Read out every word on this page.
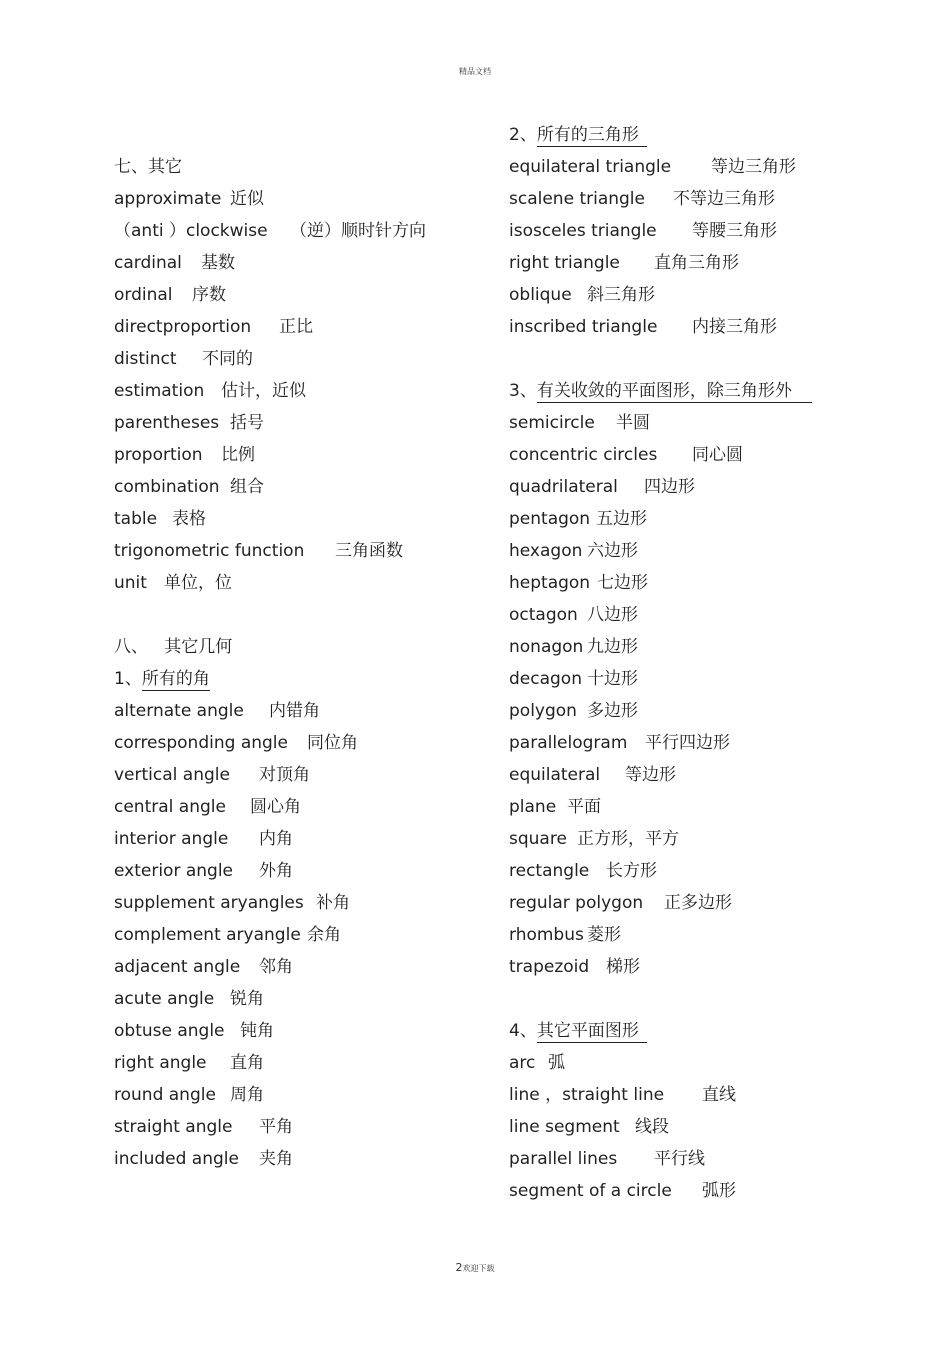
精品文档
七、其它
approximate 近似
（anti ）clockwise （逆）顺时针方向
cardinal 基数
ordinal 序数
directproportion 正比
distinct 不同的
estimation 估计，近似
parentheses 括号
proportion 比例
combination 组合
table 表格
trigonometric function 三角函数
unit 单位，位
八、   其它几何
1、所有的角
alternate angle 内错角
corresponding angle 同位角
vertical angle 对顶角
central angle 圆心角
interior angle 内角
exterior angle 外角
supplement aryangles 补角
complement aryangle 余角
adjacent angle 邻角
acute angle 锐角
obtuse angle 钝角
right angle 直角
round angle 周角
straight angle 平角
included angle 夹角
2、所有的三角形
equilateral triangle 等边三角形
scalene triangle 不等边三角形
isosceles triangle 等腰三角形
right triangle 直角三角形
oblique 斜三角形
inscribed triangle 内接三角形
3、有关收敛的平面图形，除三角形外
semicircle 半圆
concentric circles 同心圆
quadrilateral 四边形
pentagon 五边形
hexagon 六边形
heptagon 七边形
octagon 八边形
nonagon 九边形
decagon 十边形
polygon 多边形
parallelogram 平行四边形
equilateral 等边形
plane 平面
square 正方形，平方
rectangle 长方形
regular polygon 正多边形
rhombus 菱形
trapezoid 梯形
4、其它平面图形
arc 弧
line ，straight line 直线
line segment 线段
parallel lines 平行线
segment of a circle 弧形
2欢迎下载
